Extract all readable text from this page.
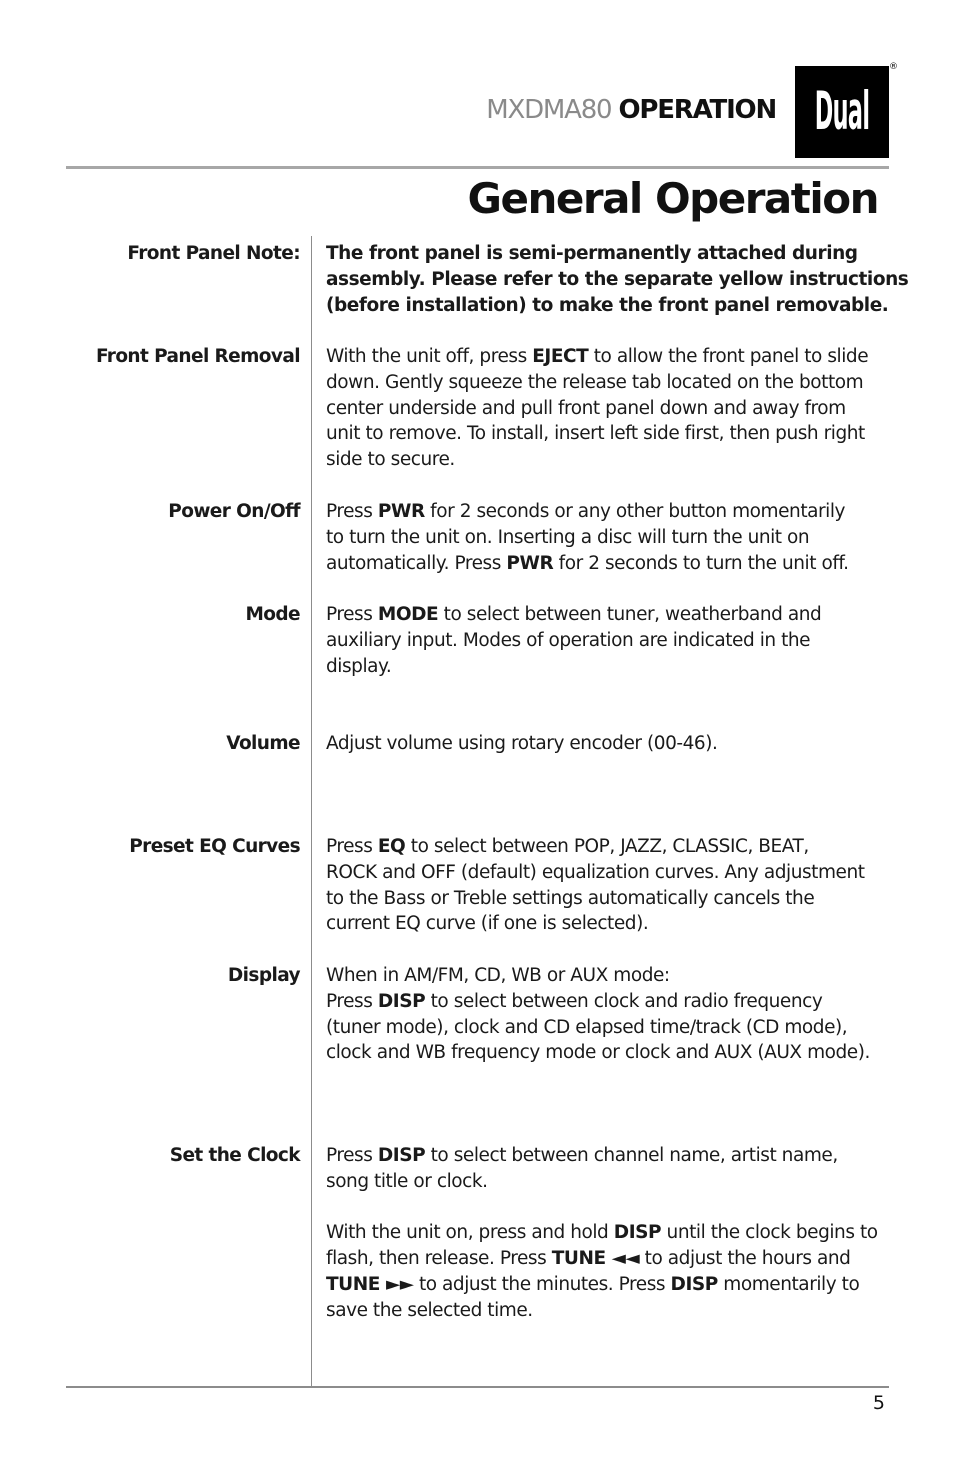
MXDMA80 OPERATION Dual
®
General Operation
Front Panel Note: The front panel is semi-permanently attached during
assembly. Please refer to the separate yellow instructions
(before installation) to make the front panel removable.
Front Panel Removal With the unit off, press EJECT to allow the front panel to slide
down. Gently squeeze the release tab located on the bottom
center underside and pull front panel down and away from
unit to remove. To install, insert left side first, then push right
side to secure.
Power On/Off Press PWR for 2 seconds or any other button momentarily
to turn the unit on. Inserting a disc will turn the unit on
automatically. Press PWR for 2 seconds to turn the unit off.
Mode Press MODE to select between tuner, weatherband and
auxiliary input. Modes of operation are indicated in the
display.
Volume Adjust volume using rotary encoder (00-46).
Preset EQ Curves Press EQ to select between POP, JAZZ, CLASSIC, BEAT,
ROCK and OFF (default) equalization curves. Any adjustment
to the Bass or Treble settings automatically cancels the
current EQ curve (if one is selected).
Display When in AM/FM, CD, WB or AUX mode:
Press DISP to select between clock and radio frequency
(tuner mode), clock and CD elapsed time/track (CD mode),
clock and WB frequency mode or clock and AUX (AUX mode).
Set the Clock Press DISP to select between channel name, artist name,
song title or clock.
With the unit on, press and hold DISP until the clock begins to
flash, then release. Press TUNE ◄◄ to adjust the hours and
TUNE ►► to adjust the minutes. Press DISP momentarily to
save the selected time.
5
